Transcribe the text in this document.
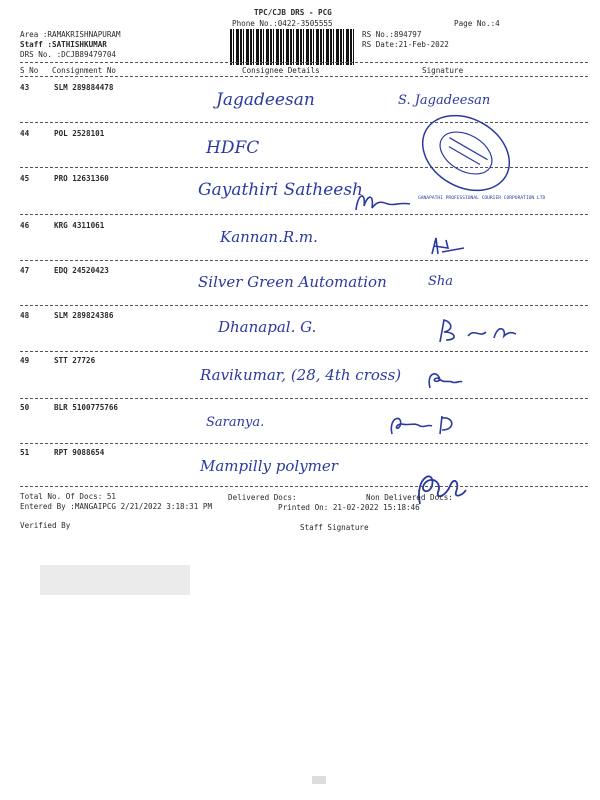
TPC/CJB DRS - PCG
Phone No.:0422-3505555	Page No.:4
Area :RAMAKRISHNAPURAM
Staff :SATHISHKUMAR
DRS No. :DCJB89479704
RS No.:894797
RS Date:21-Feb-2022
S No Consignment No	Consignee Details	Signature
43	SLM 289884478
Jagadeesan	S. Jagadeesan
44	POL 2528101
HDFC
GANAPATHI PROFESSIONAL COURIER CORPORATION LTD
45	PRO 12631360
Gayathiri Satheesh
46	KRG 4311061
Kannan.R.m.
47	EDQ 24520423
Silver Green Automation	Sha
48	SLM 289824386
Dhanapal. G.
49	STT 27726
Ravikumar, (28, 4th cross)
50	BLR 5100775766
Saranya.
51	RPT 9088654
Mampilly polymer
Total No. Of Docs: 51	Delivered Docs:	Non Delivered Docs:
Entered By :MANGAIPCG 2/21/2022 3:18:31 PM	Printed On: 21-02-2022 15:18:46
Verified By	Staff Signature
